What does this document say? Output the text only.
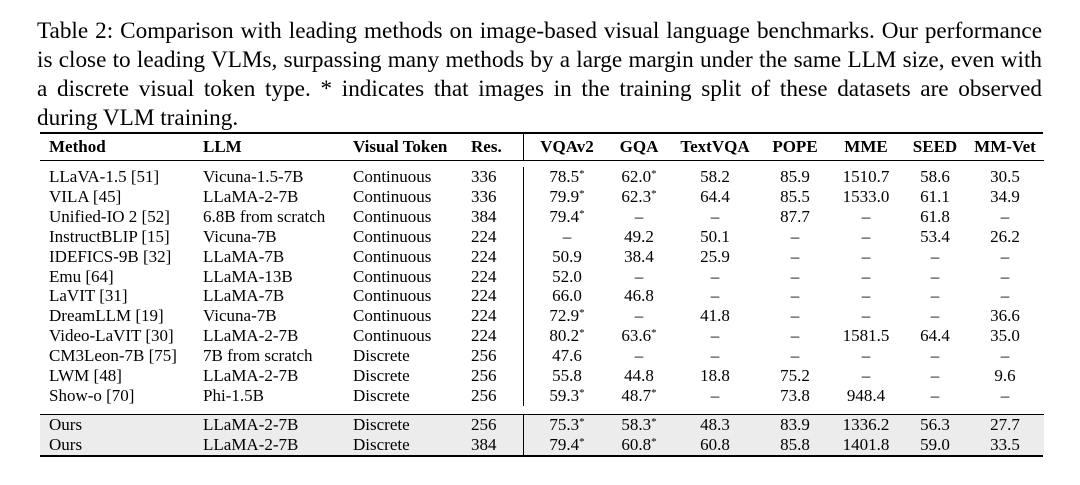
Table 2: Comparison with leading methods on image-based visual language benchmarks. Our performance is close to leading VLMs, surpassing many methods by a large margin under the same LLM size, even with a discrete visual token type. * indicates that images in the training split of these datasets are observed during VLM training.
Method	LLM	Visual Token	Res.	VQAv2	GQA	TextVQA	POPE	MME	SEED	MM-Vet

LLaVA-1.5 [51]	Vicuna-1.5-7B	Continuous	336	78.5*	62.0*	58.2	85.9	1510.7	58.6	30.5
VILA [45]	LLaMA-2-7B	Continuous	336	79.9*	62.3*	64.4	85.5	1533.0	61.1	34.9
Unified-IO 2 [52]	6.8B from scratch	Continuous	384	79.4*	–	–	87.7	–	61.8	–
InstructBLIP [15]	Vicuna-7B	Continuous	224	–	49.2	50.1	–	–	53.4	26.2
IDEFICS-9B [32]	LLaMA-7B	Continuous	224	50.9	38.4	25.9	–	–	–	–
Emu [64]	LLaMA-13B	Continuous	224	52.0	–	–	–	–	–	–
LaVIT [31]	LLaMA-7B	Continuous	224	66.0	46.8	–	–	–	–	–
DreamLLM [19]	Vicuna-7B	Continuous	224	72.9*	–	41.8	–	–	–	36.6
Video-LaVIT [30]	LLaMA-2-7B	Continuous	224	80.2*	63.6*	–	–	1581.5	64.4	35.0
CM3Leon-7B [75]	7B from scratch	Discrete	256	47.6	–	–	–	–	–	–
LWM [48]	LLaMA-2-7B	Discrete	256	55.8	44.8	18.8	75.2	–	–	9.6
Show-o [70]	Phi-1.5B	Discrete	256	59.3*	48.7*	–	73.8	948.4	–	–

Ours	LLaMA-2-7B	Discrete	256	75.3*	58.3*	48.3	83.9	1336.2	56.3	27.7
Ours	LLaMA-2-7B	Discrete	384	79.4*	60.8*	60.8	85.8	1401.8	59.0	33.5
